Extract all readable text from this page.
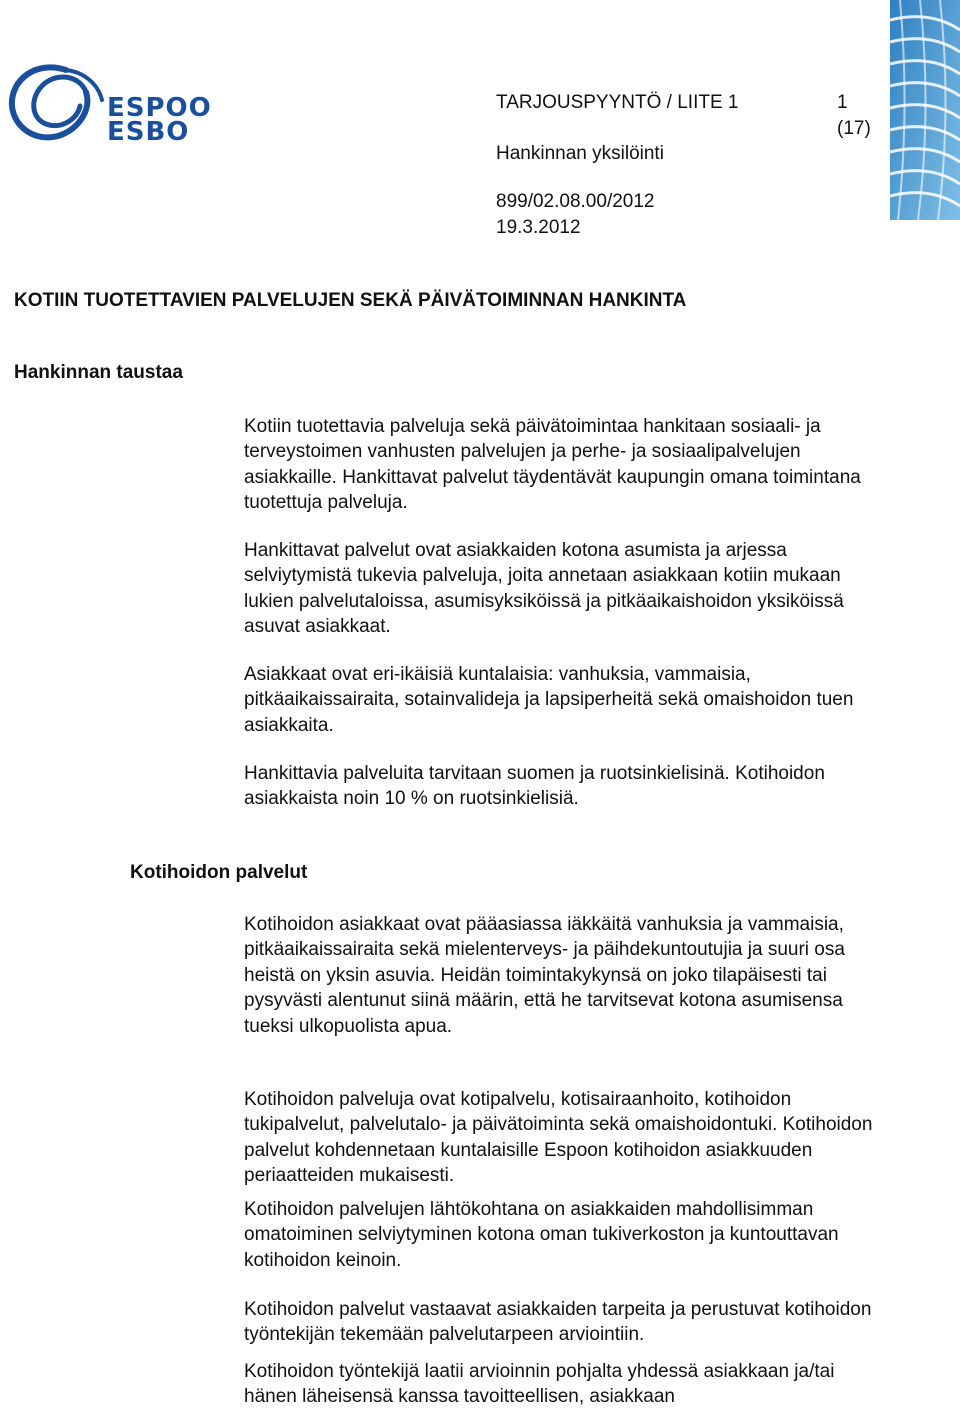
ESPOO
ESBO
TARJOUSPYYNTÖ / LIITE 1	1
(17)
Hankinnan yksilöinti
899/02.08.00/2012
19.3.2012
KOTIIN TUOTETTAVIEN PALVELUJEN SEKÄ PÄIVÄTOIMINNAN HANKINTA
Hankinnan taustaa

Kotiin tuotettavia palveluja sekä päivätoimintaa hankitaan sosiaali- ja terveystoimen vanhusten palvelujen ja perhe- ja sosiaalipalvelujen asiakkaille. Hankittavat palvelut täydentävät kaupungin omana toimintana tuotettuja palveluja.

Hankittavat palvelut ovat asiakkaiden kotona asumista ja arjessa selviytymistä tukevia palveluja, joita annetaan asiakkaan kotiin mukaan lukien palvelutaloissa, asumisyksiköissä ja pitkäaikaishoidon yksiköissä asuvat asiakkaat.

Asiakkaat ovat eri-ikäisiä kuntalaisia: vanhuksia, vammaisia, pitkäaikaissairaita, sotainvalideja ja lapsiperheitä sekä omaishoidon tuen asiakkaita.

Hankittavia palveluita tarvitaan suomen ja ruotsinkielisinä. Kotihoidon asiakkaista noin 10 % on ruotsinkielisiä.

Kotihoidon palvelut

Kotihoidon asiakkaat ovat pääasiassa iäkkäitä vanhuksia ja vammaisia, pitkäaikaissairaita sekä mielenterveys- ja päihdekuntoutujia ja suuri osa heistä on yksin asuvia. Heidän toimintakykynsä on joko tilapäisesti tai pysyvästi alentunut siinä määrin, että he tarvitsevat kotona asumisensa tueksi ulkopuolista apua.

Kotihoidon palveluja ovat kotipalvelu, kotisairaanhoito, kotihoidon tukipalvelut, palvelutalo- ja päivätoiminta sekä omaishoidontuki. Kotihoidon palvelut kohdennetaan kuntalaisille Espoon kotihoidon asiakkuuden periaatteiden mukaisesti.

Kotihoidon palvelujen lähtökohtana on asiakkaiden mahdollisimman omatoiminen selviytyminen kotona oman tukiverkoston ja kuntouttavan kotihoidon keinoin.

Kotihoidon palvelut vastaavat asiakkaiden tarpeita ja perustuvat kotihoidon työntekijän tekemään palvelutarpeen arviointiin.

Kotihoidon työntekijä laatii arvioinnin pohjalta yhdessä asiakkaan ja/tai hänen läheisensä kanssa tavoitteellisen, asiakkaan
